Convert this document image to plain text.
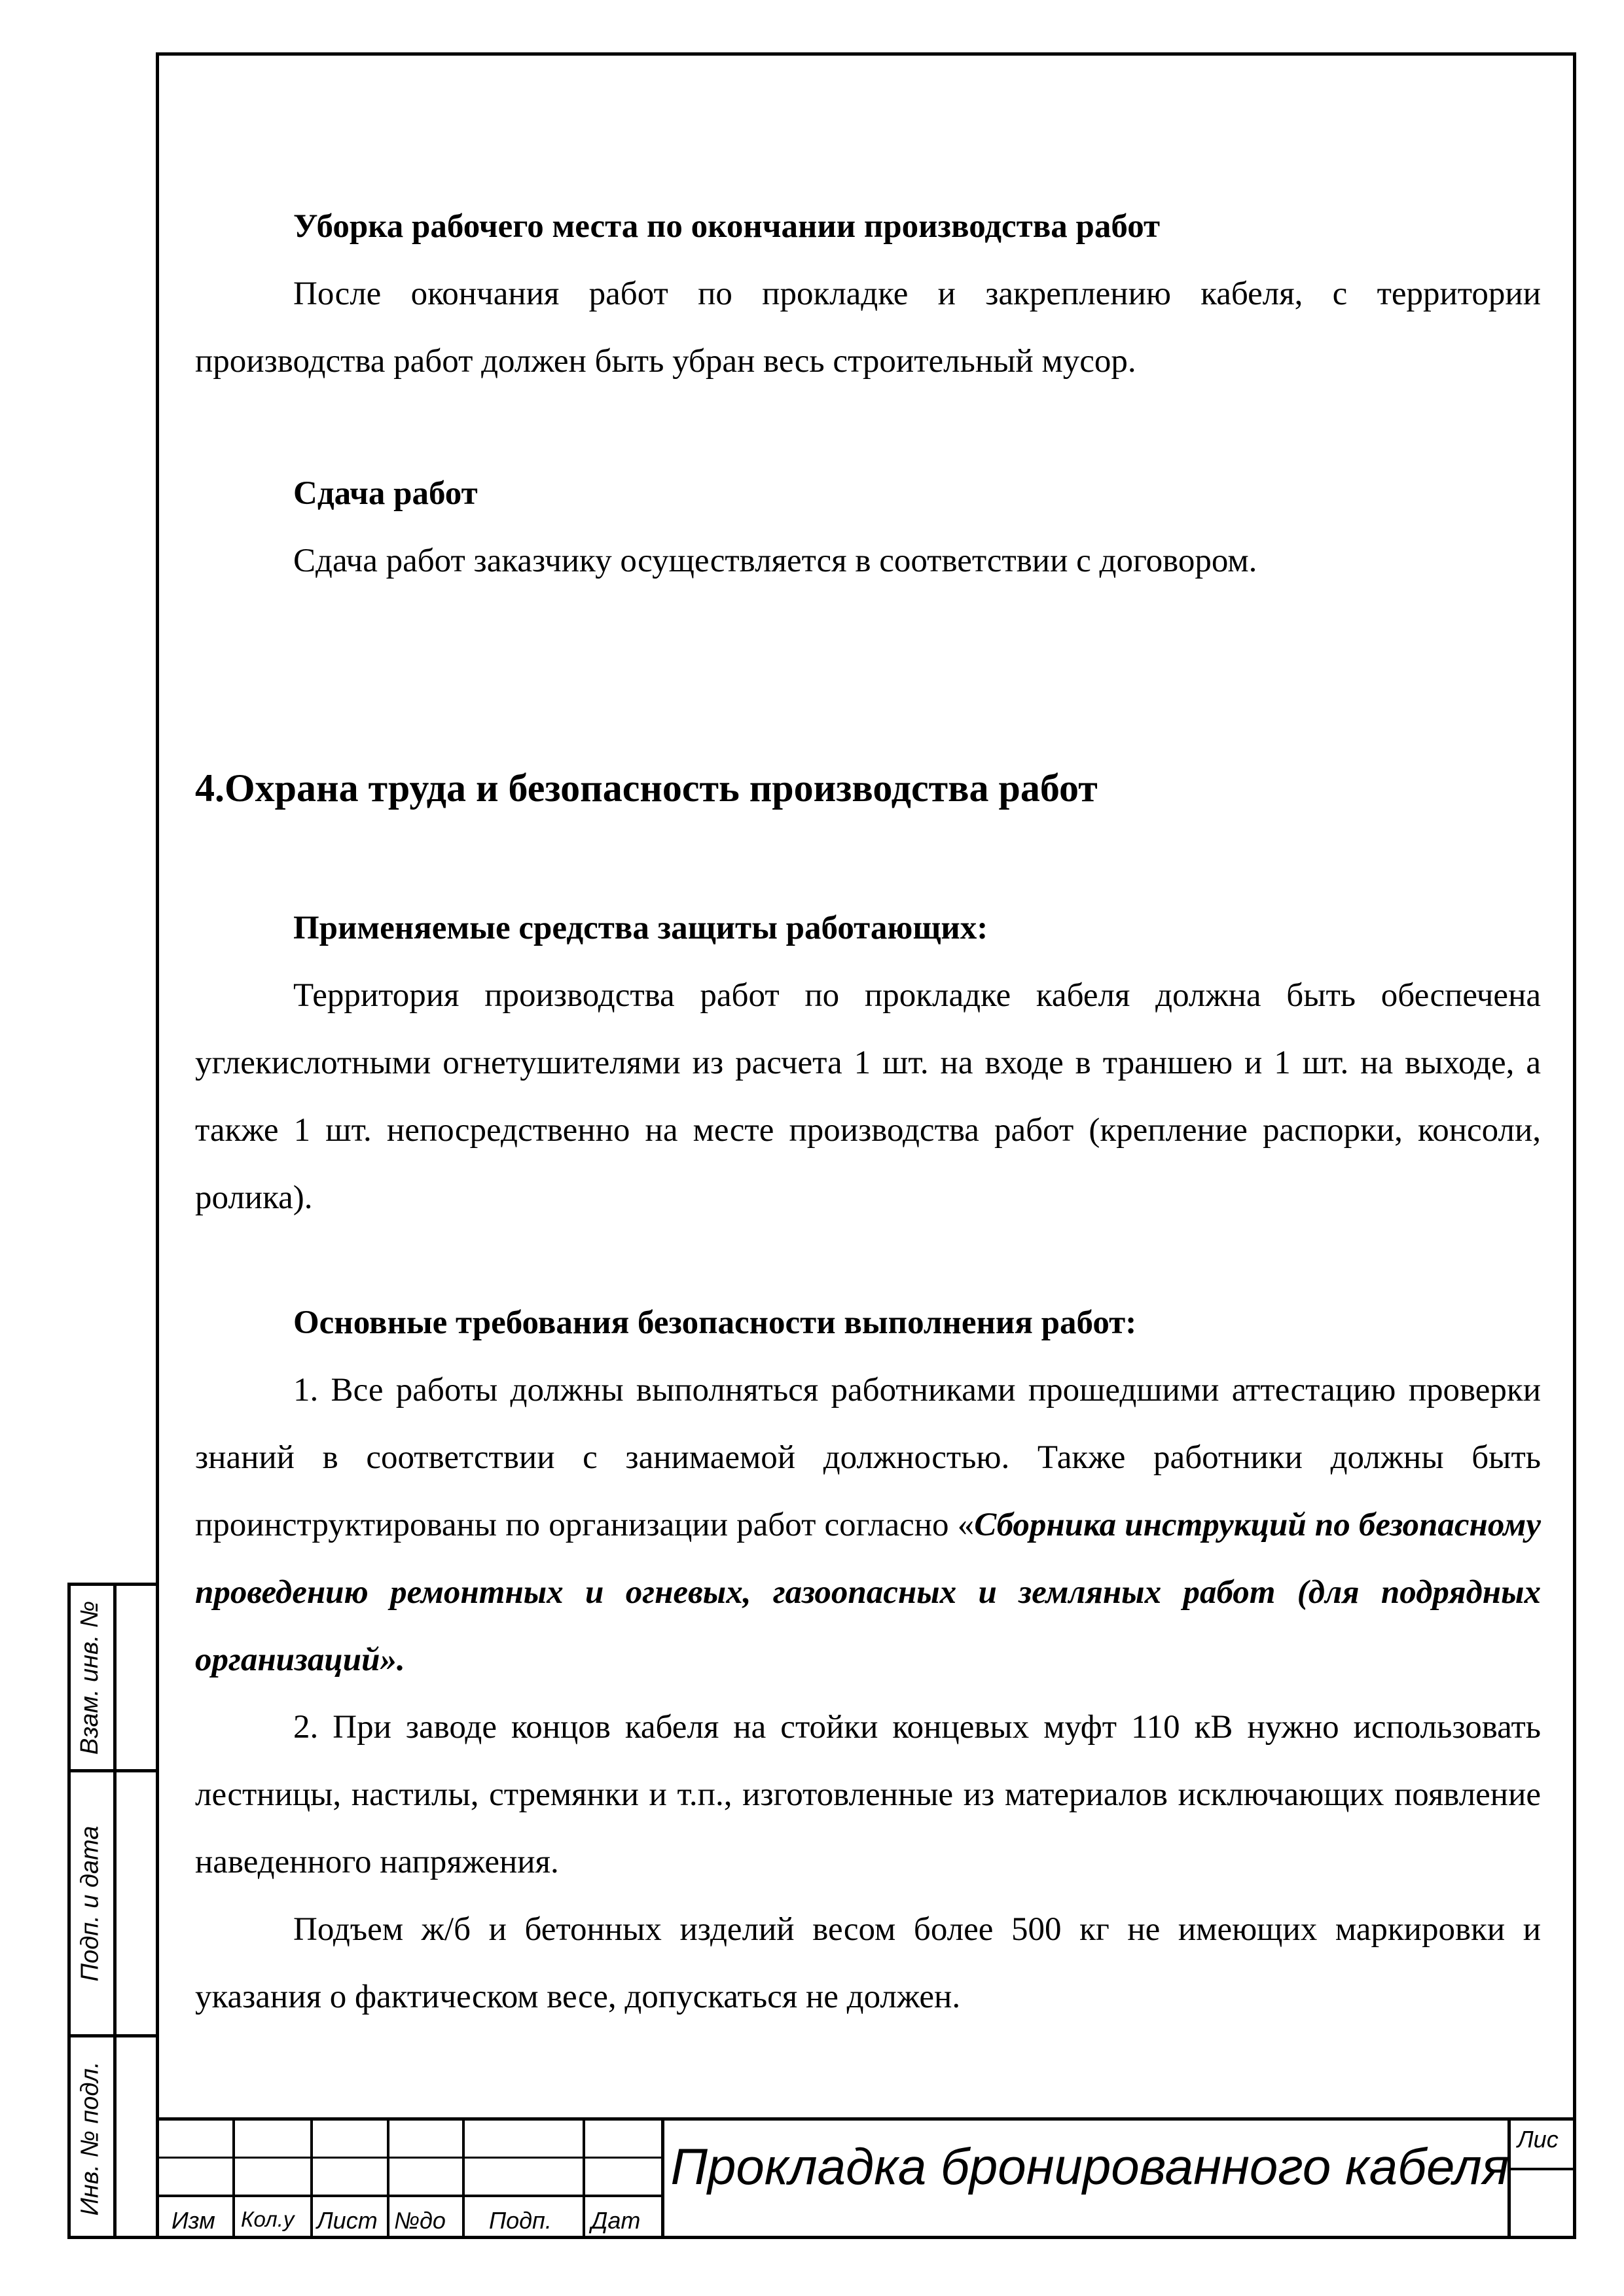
Уборка рабочего места по окончании производства работ

После окончания работ по прокладке и закреплению кабеля, с территории производства работ должен быть убран весь строительный мусор.

Сдача работ

Сдача работ заказчику осуществляется в соответствии с договором.

4.Охрана труда и безопасность производства работ

Применяемые средства защиты работающих:

Территория производства работ по прокладке кабеля должна быть обеспечена углекислотными огнетушителями из расчета 1 шт. на входе в траншею и 1 шт. на выходе, а также 1 шт. непосредственно на месте производства работ (крепление распорки, консоли, ролика).

Основные требования безопасности выполнения работ:

1. Все работы должны выполняться работниками прошедшими аттестацию проверки знаний в соответствии с занимаемой должностью. Также работники должны быть проинструктированы по организации работ согласно «Сборника инструкций по безопасному проведению ремонтных и огневых, газоопасных и земляных работ (для подрядных организаций».

2. При заводе концов кабеля на стойки концевых муфт 110 кВ нужно использовать лестницы, настилы, стремянки и т.п., изготовленные из материалов исключающих появление наведенного напряжения.

Подъем ж/б и бетонных изделий весом более 500 кг не имеющих маркировки и указания о фактическом весе, допускаться не должен.

Взам. инв. №
Подп. и дата
Инв. № подл.
Изм Кол.у Лист №до Подп. Дат
Лис
Прокладка бронированного кабеля
